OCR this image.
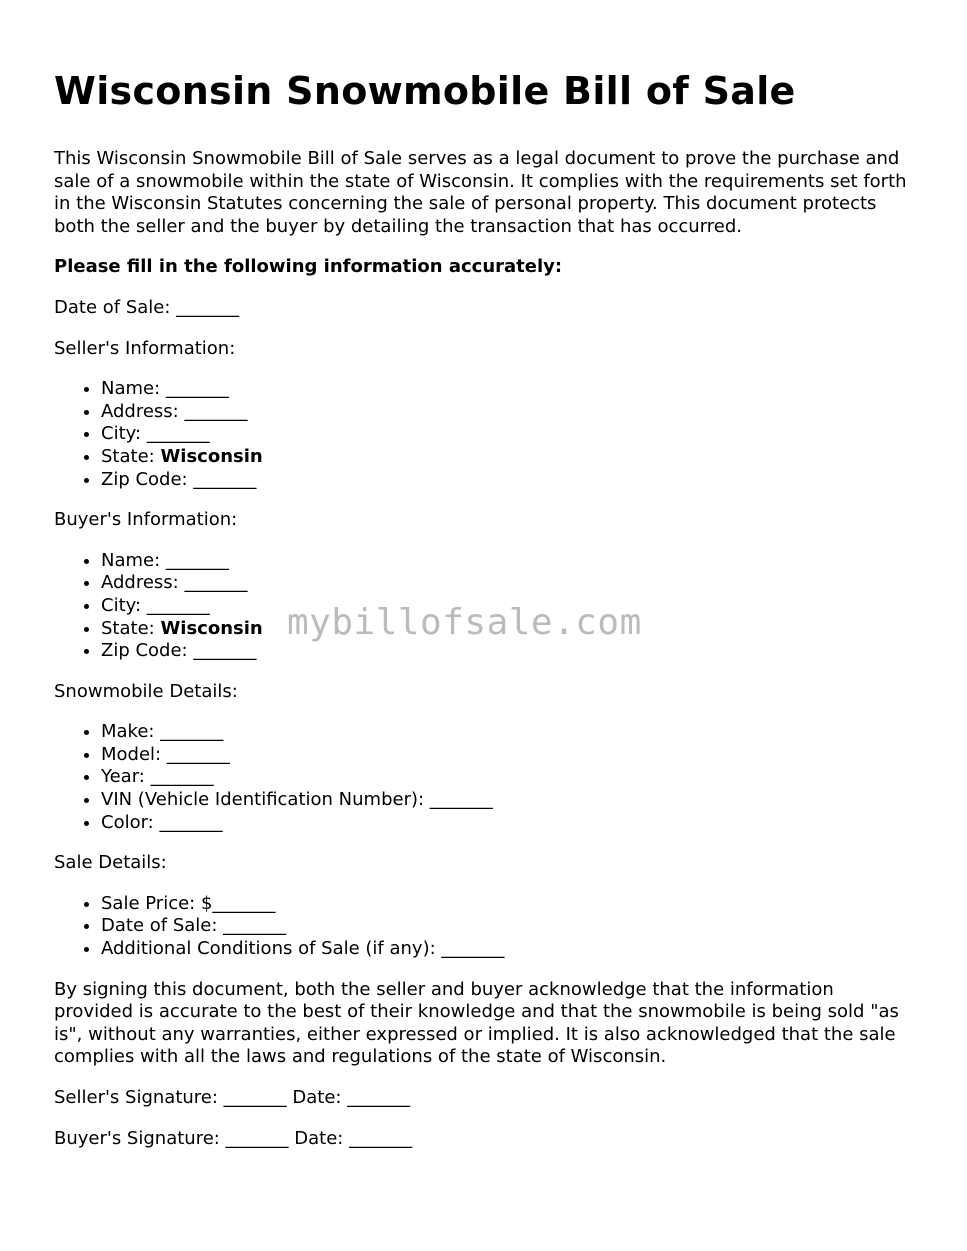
Wisconsin Snowmobile Bill of Sale

This Wisconsin Snowmobile Bill of Sale serves as a legal document to prove the purchase and sale of a snowmobile within the state of Wisconsin. It complies with the requirements set forth in the Wisconsin Statutes concerning the sale of personal property. This document protects both the seller and the buyer by detailing the transaction that has occurred.

Please fill in the following information accurately:

Date of Sale: _______

Seller's Information:

• Name: _______
• Address: _______
• City: _______
• State: Wisconsin
• Zip Code: _______

Buyer's Information:

• Name: _______
• Address: _______
• City: _______
• State: Wisconsin
• Zip Code: _______

Snowmobile Details:

• Make: _______
• Model: _______
• Year: _______
• VIN (Vehicle Identification Number): _______
• Color: _______

Sale Details:

• Sale Price: $_______
• Date of Sale: _______
• Additional Conditions of Sale (if any): _______

By signing this document, both the seller and buyer acknowledge that the information provided is accurate to the best of their knowledge and that the snowmobile is being sold "as is", without any warranties, either expressed or implied. It is also acknowledged that the sale complies with all the laws and regulations of the state of Wisconsin.

Seller's Signature: _______ Date: _______

Buyer's Signature: _______ Date: _______

mybillofsale.com
